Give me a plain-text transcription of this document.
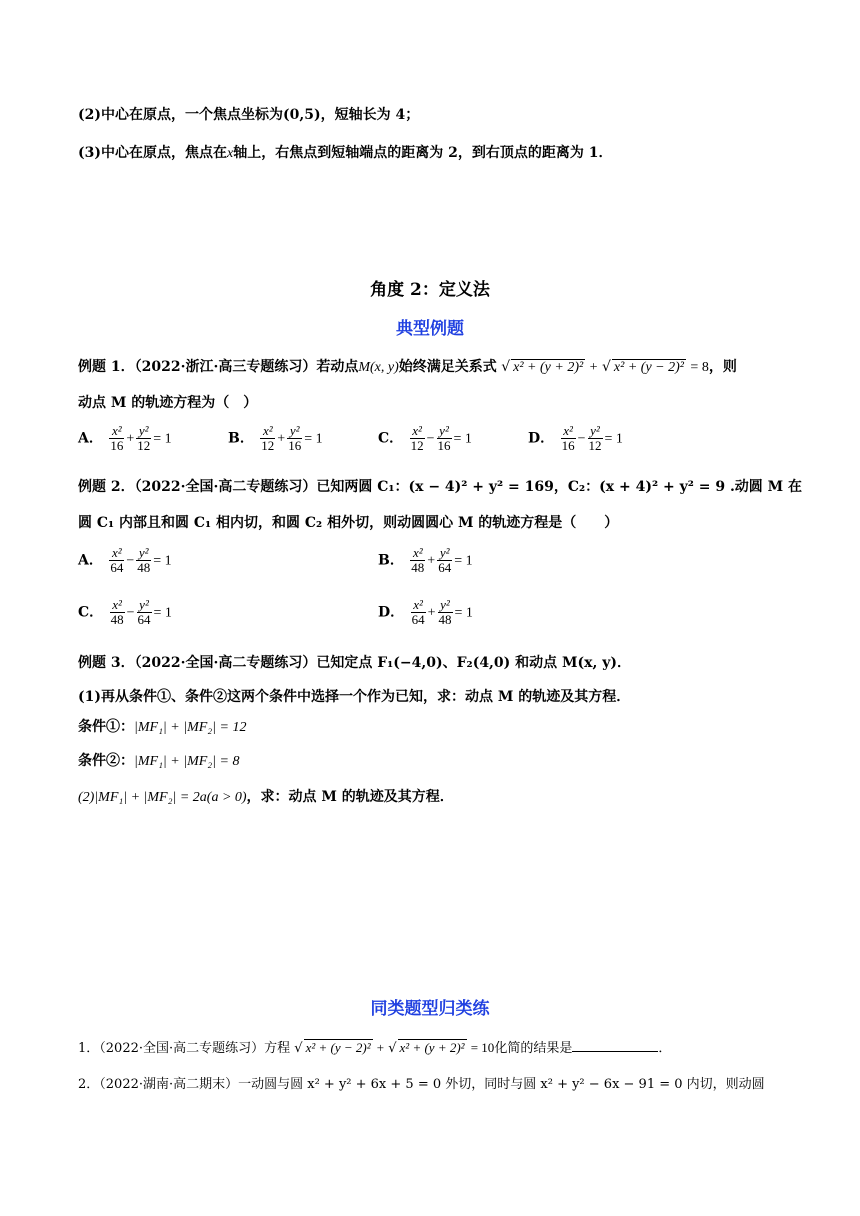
(2)中心在原点，一个焦点坐标为(0,5)，短轴长为 4；
(3)中心在原点，焦点在x轴上，右焦点到短轴端点的距离为 2，到右顶点的距离为 1．
角度 2：定义法
典型例题
例题 1．（2022·浙江·高三专题练习）若动点M(x, y)始终满足关系式 √ x² + (y + 2)² + √ x² + (y − 2)² = 8，则
动点 M 的轨迹方程为（　）
A． $\frac{\text{x²}}{16} + \frac{\text{y²}}{12} = 1$	B． $\frac{\text{x²}}{12} + \frac{\text{y²}}{16} = 1$	C． $\frac{\text{x²}}{12} - \frac{\text{y²}}{16} = 1$	D． $\frac{\text{x²}}{16} - \frac{\text{y²}}{12} = 1$
例题 2．（2022·全国·高二专题练习）已知两圆 C₁：(x − 4)² + y² = 169，C₂：(x + 4)² + y² = 9 .动圆 M 在
圆 C₁ 内部且和圆 C₁ 相内切，和圆 C₂ 相外切，则动圆圆心 M 的轨迹方程是（　　）
A． $\frac{\text{x²}}{64} - \frac{\text{y²}}{48} = 1$	B． $\frac{\text{x²}}{48} + \frac{\text{y²}}{64} = 1$
C． $\frac{\text{x²}}{48} - \frac{\text{y²}}{64} = 1$	D． $\frac{\text{x²}}{64} + \frac{\text{y²}}{48} = 1$
例题 3．（2022·全国·高二专题练习）已知定点 F₁(−4,0)、F₂(4,0) 和动点 M(x, y)．
(1)再从条件①、条件②这两个条件中选择一个作为已知，求：动点 M 的轨迹及其方程．
条件①：|MF₁| + |MF₂| = 12
条件②：|MF₁| + |MF₂| = 8
(2)|MF₁| + |MF₂| = 2a(a > 0)，求：动点 M 的轨迹及其方程．
同类题型归类练
1．（2022·全国·高二专题练习）方程 √ x² + (y − 2)² + √ x² + (y + 2)² = 10化简的结果是	．
2．（2022·湖南·高二期末）一动圆与圆 x² + y² + 6x + 5 = 0 外切，同时与圆 x² + y² − 6x − 91 = 0 内切，则动圆
